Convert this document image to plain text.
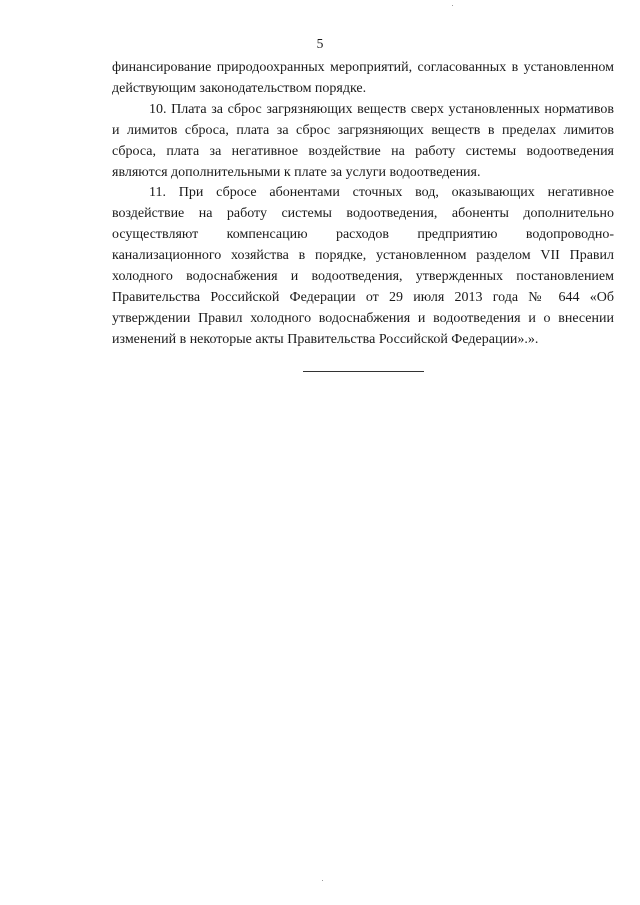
5

финансирование природоохранных мероприятий, согласованных в установленном действующим законодательством порядке.

10. Плата за сброс загрязняющих веществ сверх установленных нормативов и лимитов сброса, плата за сброс загрязняющих веществ в пределах лимитов сброса, плата за негативное воздействие на работу системы водоотведения являются дополнительными к плате за услуги водоотведения.

11. При сбросе абонентами сточных вод, оказывающих негативное воздействие на работу системы водоотведения, абоненты дополнительно осуществляют компенсацию расходов предприятию водопроводно-канализационного хозяйства в порядке, установленном разделом VII Правил холодного водоснабжения и водоотведения, утвержденных постановлением Правительства Российской Федерации от 29 июля 2013 года № 644 «Об утверждении Правил холодного водоснабжения и водоотведения и о внесении изменений в некоторые акты Правительства Российской Федерации».».
